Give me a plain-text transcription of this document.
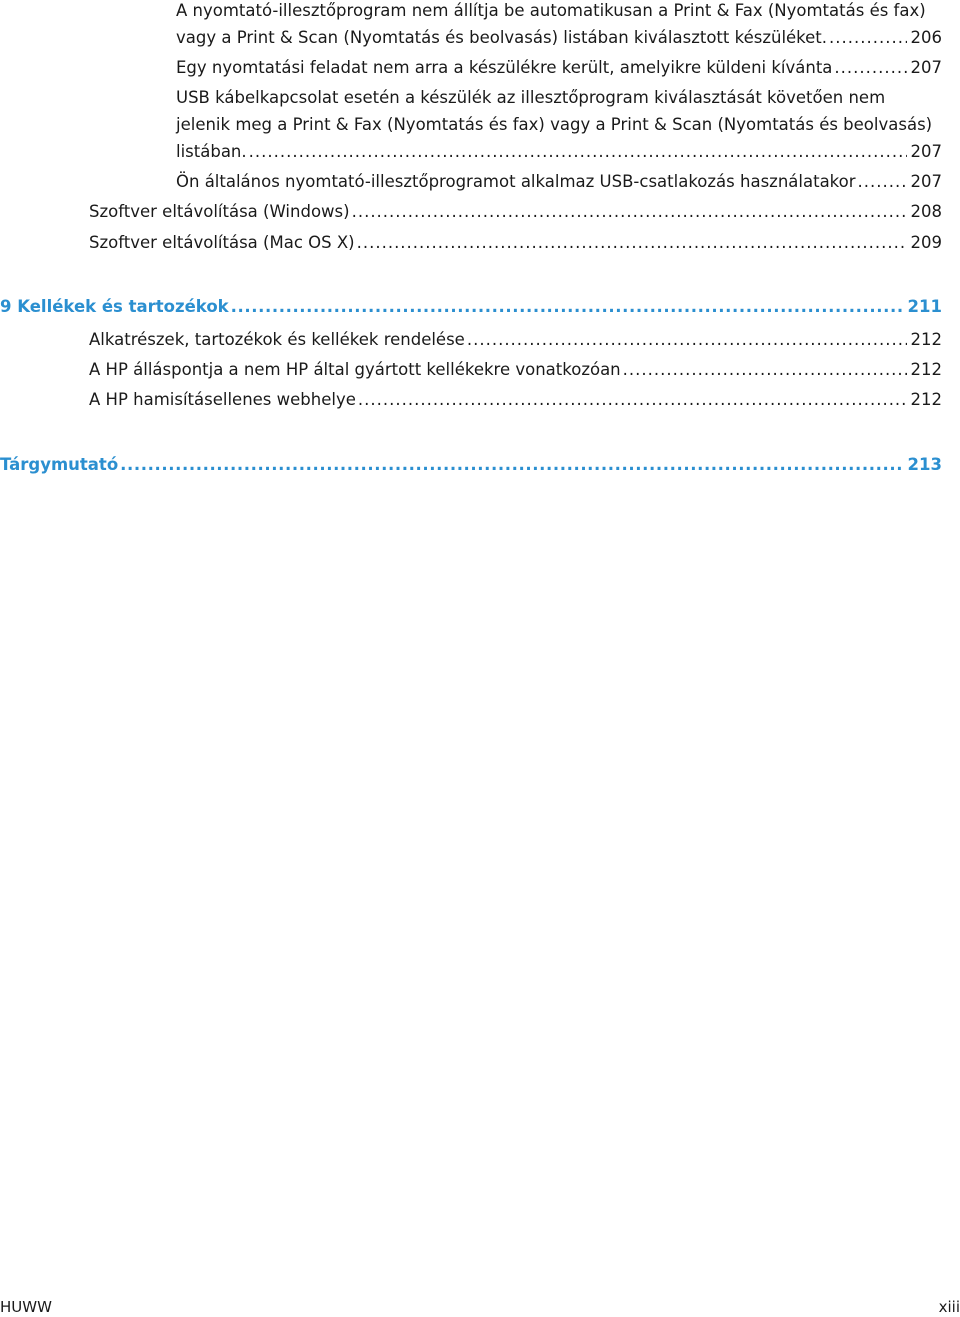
A nyomtató-illesztőprogram nem állítja be automatikusan a Print & Fax (Nyomtatás és fax)
vagy a Print & Scan (Nyomtatás és beolvasás) listában kiválasztott készüléket. .....	206
Egy nyomtatási feladat nem arra a készülékre került, amelyikre küldeni kívánta .....	207
USB kábelkapcsolat esetén a készülék az illesztőprogram kiválasztását követően nem
jelenik meg a Print & Fax (Nyomtatás és fax) vagy a Print & Scan (Nyomtatás és beolvasás)
listában. .....	207
Ön általános nyomtató-illesztőprogramot alkalmaz USB-csatlakozás használatakor .....	207
Szoftver eltávolítása (Windows) .....	208
Szoftver eltávolítása (Mac OS X) .....	209
9 Kellékek és tartozékok .....	211
Alkatrészek, tartozékok és kellékek rendelése .....	212
A HP álláspontja a nem HP által gyártott kellékekre vonatkozóan .....	212
A HP hamisításellenes webhelye .....	212
Tárgymutató .....	213
HUWW	xiii
